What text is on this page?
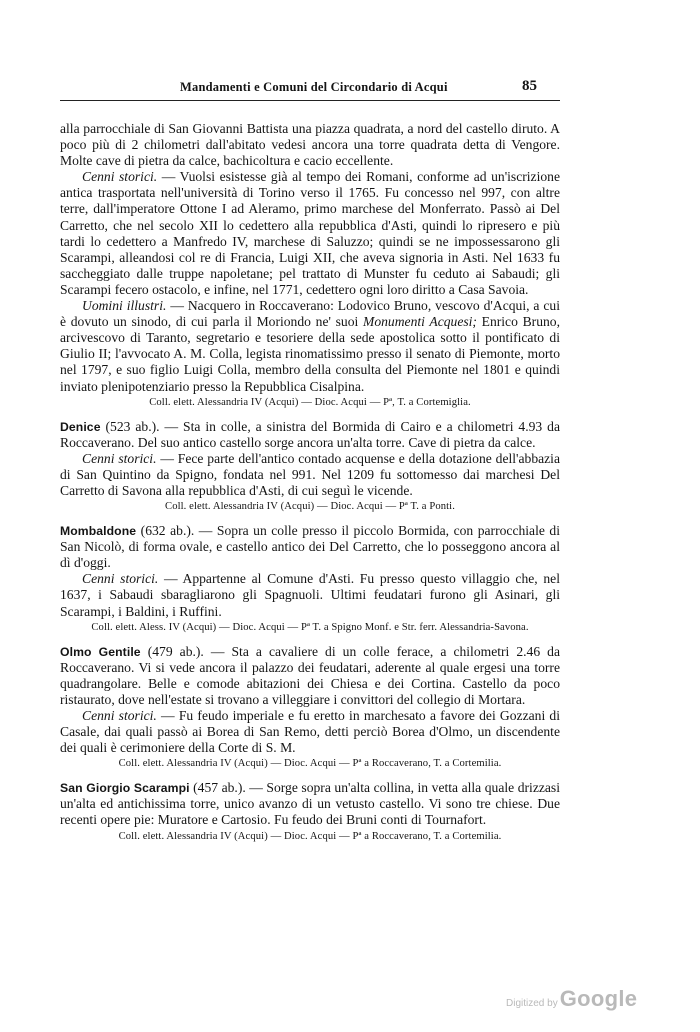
Mandamenti e Comuni del Circondario di Acqui	85

alla parrocchiale di San Giovanni Battista una piazza quadrata, a nord del castello diruto. A poco più di 2 chilometri dall'abitato vedesi ancora una torre quadrata detta di Vengore. Molte cave di pietra da calce, bachicoltura e cacio eccellente.

Cenni storici. — Vuolsi esistesse già al tempo dei Romani, conforme ad un'iscrizione antica trasportata nell'università di Torino verso il 1765. Fu concesso nel 997, con altre terre, dall'imperatore Ottone I ad Aleramo, primo marchese del Monferrato. Passò ai Del Carretto, che nel secolo XII lo cedettero alla repubblica d'Asti, quindi lo ripresero e più tardi lo cedettero a Manfredo IV, marchese di Saluzzo; quindi se ne impossessarono gli Scarampi, alleandosi col re di Francia, Luigi XII, che aveva signoria in Asti. Nel 1633 fu saccheggiato dalle truppe napoletane; pel trattato di Munster fu ceduto ai Sabaudi; gli Scarampi fecero ostacolo, e infine, nel 1771, cedettero ogni loro diritto a Casa Savoia.

Uomini illustri. — Nacquero in Roccaverano: Lodovico Bruno, vescovo d'Acqui, a cui è dovuto un sinodo, di cui parla il Moriondo ne' suoi Monumenti Acquesi; Enrico Bruno, arcivescovo di Taranto, segretario e tesoriere della sede apostolica sotto il pontificato di Giulio II; l'avvocato A. M. Colla, legista rinomatissimo presso il senato di Piemonte, morto nel 1797, e suo figlio Luigi Colla, membro della consulta del Piemonte nel 1801 e quindi inviato plenipotenziario presso la Repubblica Cisalpina.

Coll. elett. Alessandria IV (Acqui) — Dioc. Acqui — Pª, T. a Cortemiglia.

Denice (523 ab.). — Sta in colle, a sinistra del Bormida di Cairo e a chilometri 4.93 da Roccaverano. Del suo antico castello sorge ancora un'alta torre. Cave di pietra da calce.

Cenni storici. — Fece parte dell'antico contado acquense e della dotazione dell'abbazia di San Quintino da Spigno, fondata nel 991. Nel 1209 fu sottomesso dai marchesi Del Carretto di Savona alla repubblica d'Asti, di cui seguì le vicende.

Coll. elett. Alessandria IV (Acqui) — Dioc. Acqui — Pª T. a Ponti.

Mombaldone (632 ab.). — Sopra un colle presso il piccolo Bormida, con parrocchiale di San Nicolò, di forma ovale, e castello antico dei Del Carretto, che lo posseggono ancora al dì d'oggi.

Cenni storici. — Appartenne al Comune d'Asti. Fu presso questo villaggio che, nel 1637, i Sabaudi sbaragliarono gli Spagnuoli. Ultimi feudatari furono gli Asinari, gli Scarampi, i Baldini, i Ruffini.

Coll. elett. Aless. IV (Acqui) — Dioc. Acqui — Pª T. a Spigno Monf. e Str. ferr. Alessandria-Savona.

Olmo Gentile (479 ab.). — Sta a cavaliere di un colle ferace, a chilometri 2.46 da Roccaverano. Vi si vede ancora il palazzo dei feudatari, aderente al quale ergesi una torre quadrangolare. Belle e comode abitazioni dei Chiesa e dei Cortina. Castello da poco ristaurato, dove nell'estate si trovano a villeggiare i convittori del collegio di Mortara.

Cenni storici. — Fu feudo imperiale e fu eretto in marchesato a favore dei Gozzani di Casale, dai quali passò ai Borea di San Remo, detti perciò Borea d'Olmo, un discendente dei quali è cerimoniere della Corte di S. M.

Coll. elett. Alessandria IV (Acqui) — Dioc. Acqui — Pª a Roccaverano, T. a Cortemilia.

San Giorgio Scarampi (457 ab.). — Sorge sopra un'alta collina, in vetta alla quale drizzasi un'alta ed antichissima torre, unico avanzo di un vetusto castello. Vi sono tre chiese. Due recenti opere pie: Muratore e Cartosio. Fu feudo dei Bruni conti di Tournafort.

Coll. elett. Alessandria IV (Acqui) — Dioc. Acqui — Pª a Roccaverano, T. a Cortemilia.

Digitized byGoogle
